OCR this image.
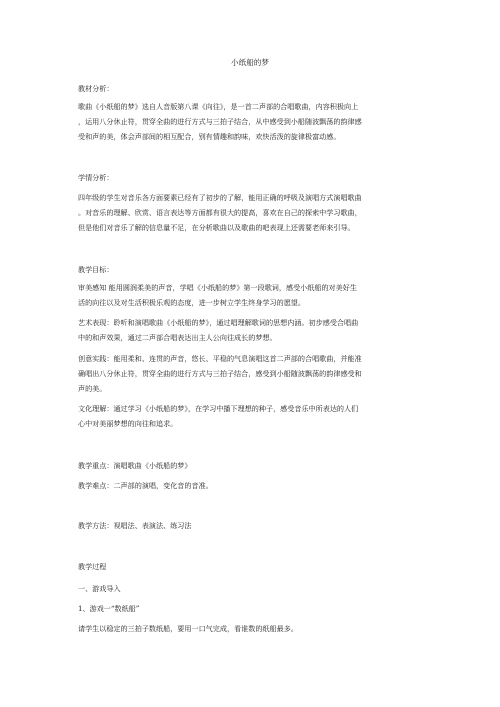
小纸船的梦
教材分析：
歌曲《小纸船的梦》选自人音版第八课《向往》，是一首二声部的合唱歌曲，内容积极向上
，运用八分休止符，贯穿全曲的进行方式与三拍子结合，从中感受到小船随波飘荡的韵律感
受和声的美，体会声部间的相互配合，别有情趣和韵味，欢快活泼的旋律极富动感。
学情分析：
四年级的学生对音乐各方面要素已经有了初步的了解，能用正确的呼吸及演唱方式演唱歌曲
。对音乐的理解、欣赏、语言表达等方面都有很大的提高，喜欢在自己的探索中学习歌曲，
但是他们对音乐了解的信息量不足，在分析歌曲以及歌曲的吧表现上还需要老师来引导。
教学目标：
审美感知 能用圆润柔美的声音，学唱《小纸船的梦》第一段歌词，感受小纸船的对美好生
活的向往以及对生活积极乐观的态度，进一步树立学生终身学习的愿望。
艺术表现：聆听和演唱歌曲《小纸船的梦》，通过唱理解歌词的思想内涵。初步感受合唱曲
中的和声效果，通过二声部合唱表达出主人公向往成长的梦想。
创意实践：能用柔和、连贯的声音，悠长、平稳的气息演唱这首二声部的合唱歌曲，并能准
确唱出八分休止符，贯穿全曲的进行方式与三拍子结合，感受到小船随波飘荡的韵律感受和
声的美。
文化理解：通过学习《小纸船的梦》，在学习中播下理想的种子，感受音乐中所表达的人们
心中对美丽梦想的向往和追求。
教学重点：演唱歌曲《小纸船的梦》
教学难点：二声部的演唱，变化音的音准。
教学方法：视唱法、表演法、练习法
教学过程
一、游戏导入
1、游戏一“数纸船”
请学生以稳定的三拍子数纸船，要用一口气完成，看谁数的纸船最多。
